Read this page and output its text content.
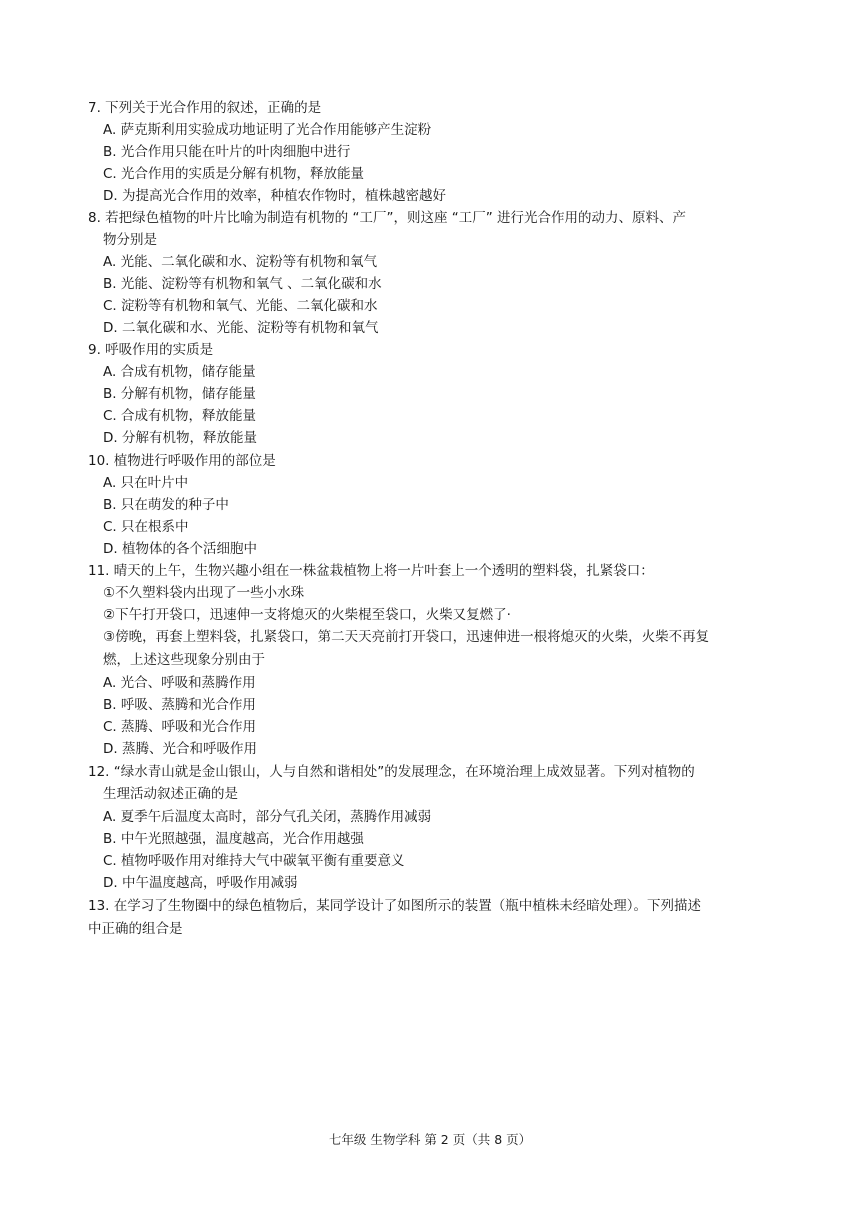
7. 下列关于光合作用的叙述，正确的是
A. 萨克斯利用实验成功地证明了光合作用能够产生淀粉
B. 光合作用只能在叶片的叶肉细胞中进行
C. 光合作用的实质是分解有机物，释放能量
D. 为提高光合作用的效率，种植农作物时，植株越密越好
8. 若把绿色植物的叶片比喻为制造有机物的 “工厂”，则这座 “工厂” 进行光合作用的动力、原料、产
物分别是
A. 光能、二氧化碳和水、淀粉等有机物和氧气
B. 光能、淀粉等有机物和氧气 、二氧化碳和水
C. 淀粉等有机物和氧气、光能、二氧化碳和水
D. 二氧化碳和水、光能、淀粉等有机物和氧气
9. 呼吸作用的实质是
A. 合成有机物，储存能量
B. 分解有机物，储存能量
C. 合成有机物，释放能量
D. 分解有机物，释放能量
10. 植物进行呼吸作用的部位是
A. 只在叶片中
B. 只在萌发的种子中
C. 只在根系中
D. 植物体的各个活细胞中
11. 晴天的上午，生物兴趣小组在一株盆栽植物上将一片叶套上一个透明的塑料袋，扎紧袋口：
①不久塑料袋内出现了一些小水珠
②下午打开袋口，迅速伸一支将熄灭的火柴棍至袋口，火柴又复燃了·
③傍晚，再套上塑料袋，扎紧袋口，第二天天亮前打开袋口，迅速伸进一根将熄灭的火柴，火柴不再复
燃，上述这些现象分别由于
A. 光合、呼吸和蒸腾作用
B. 呼吸、蒸腾和光合作用
C. 蒸腾、呼吸和光合作用
D. 蒸腾、光合和呼吸作用
12. “绿水青山就是金山银山，人与自然和谐相处”的发展理念，在环境治理上成效显著。下列对植物的
生理活动叙述正确的是
A. 夏季午后温度太高时，部分气孔关闭，蒸腾作用减弱
B. 中午光照越强，温度越高，光合作用越强
C. 植物呼吸作用对维持大气中碳氧平衡有重要意义
D. 中午温度越高，呼吸作用减弱
13. 在学习了生物圈中的绿色植物后，某同学设计了如图所示的装置（瓶中植株未经暗处理）。下列描述
中正确的组合是
七年级 生物学科 第 2 页（共 8 页）
